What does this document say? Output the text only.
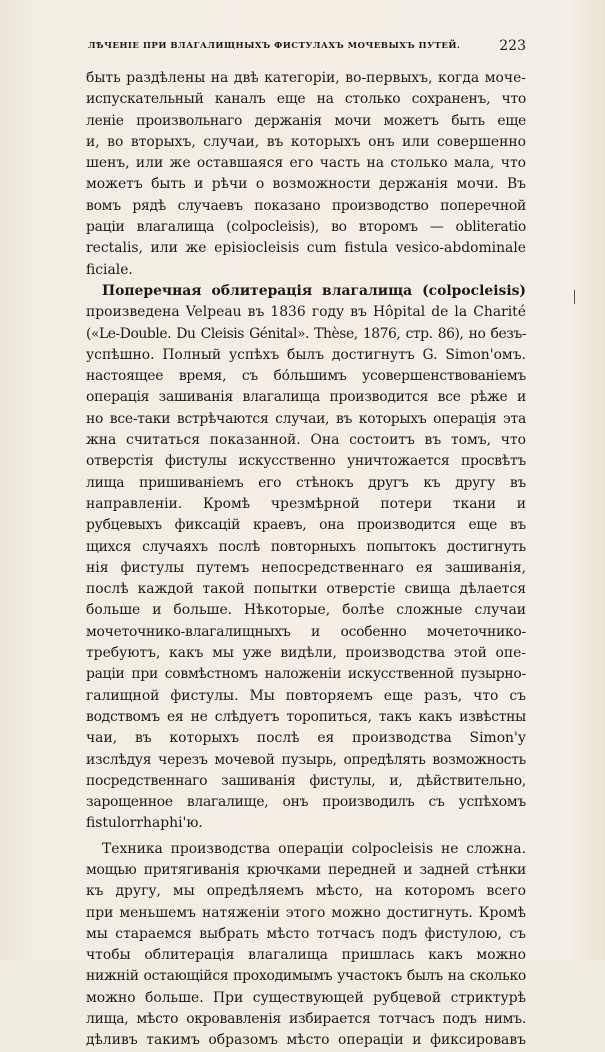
ЛѢЧЕНІЕ ПРИ ВЛАГАЛИЩНЫХЪ ФИСТУЛАХЪ МОЧЕВЫХЪ ПУТЕЙ.	223
быть раздѣлены на двѣ категоріи, во-первыхъ, когда моче-
испускательный каналъ еще на столько сохраненъ, что
леніе произвольнаго держанія мочи можетъ быть еще
и, во вторыхъ, случаи, въ которыхъ онъ или совершенно
шенъ, или же оставшаяся его часть на столько мала, что
можетъ быть и рѣчи о возможности держанія мочи. Въ
вомъ рядѣ случаевъ показано производство поперечной
раціи влагалища (colpocleisis), во второмъ — obliteratio
rectalis, или же episiocleisis cum fistula vesico-abdominale
ficiale.
Поперечная облитерація влагалища (colpocleisis)
произведена Velpeau въ 1836 году въ Hôpital de la Charité
(«Le-Double. Du Cleisis Génital». Thèse, 1876, стр. 86), но безъ-
успѣшно. Полный успѣхъ былъ достигнутъ G. Simon'омъ.
настоящее время, съ бо́льшимъ усовершенствованіемъ
операція зашиванія влагалища производится все рѣже и
но все-таки встрѣчаются случаи, въ которыхъ операція эта
жна считаться показанной. Она состоитъ въ томъ, что
отверстія фистулы искусственно уничтожается просвѣтъ
лища пришиваніемъ его стѣнокъ другъ къ другу въ
направленіи. Кромѣ чрезмѣрной потери ткани и
рубцевыхъ фиксацій краевъ, она производится еще въ
щихся случаяхъ послѣ повторныхъ попытокъ достигнуть
нія фистулы путемъ непосредственнаго ея зашиванія,
послѣ каждой такой попытки отверстіе свища дѣлается
больше и больше. Нѣкоторые, болѣе сложные случаи
мочеточнико-влагалищныхъ и особенно мочеточнико-
требуютъ, какъ мы уже видѣли, производства этой опе-
раціи при совмѣстномъ наложеніи искусственной пузырно-
галищной фистулы. Мы повторяемъ еще разъ, что съ
водствомъ ея не слѣдуетъ торопиться, такъ какъ извѣстны
чаи, въ которыхъ послѣ ея производства Simon'у
изслѣдуя черезъ мочевой пузырь, опредѣлять возможность
посредственнаго зашиванія фистулы, и, дѣйствительно,
зарощенное влагалище, онъ производилъ съ успѣхомъ
fistulorrhaphi'ю.
Техника производства операціи colpocleisis не сложна.
мощью притягиванія крючками передней и задней стѣнки
къ другу, мы опредѣляемъ мѣсто, на которомъ всего
при меньшемъ натяженіи этого можно достигнуть. Кромѣ
мы стараемся выбрать мѣсто тотчасъ подъ фистулою, съ
чтобы облитерація влагалища пришлась какъ можно
нижній остающійся проходимымъ участокъ былъ на сколько
можно больше. При существующей рубцевой стриктурѣ
лища, мѣсто окровавленія избирается тотчасъ подъ нимъ.
дѣливъ такимъ образомъ мѣсто операціи и фиксировавъ
